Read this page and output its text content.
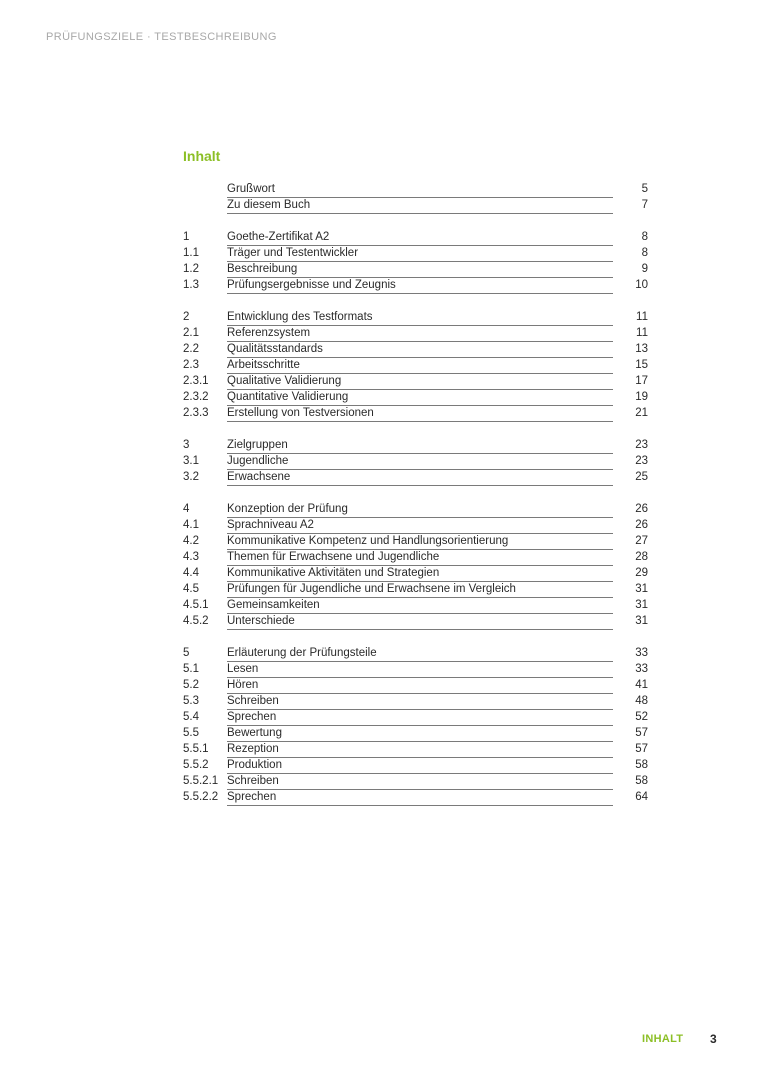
PRÜFUNGSZIELE · TESTBESCHREIBUNG
Inhalt
Grußwort	5
Zu diesem Buch	7
1	Goethe-Zertifikat A2	8
1.1 Träger und Testentwickler	8
1.2 Beschreibung	9
1.3 Prüfungsergebnisse und Zeugnis	10
2	Entwicklung des Testformats	11
2.1 Referenzsystem	11
2.2 Qualitätsstandards	13
2.3 Arbeitsschritte	15
2.3.1 Qualitative Validierung	17
2.3.2 Quantitative Validierung	19
2.3.3 Erstellung von Testversionen	21
3	Zielgruppen	23
3.1 Jugendliche	23
3.2 Erwachsene	25
4	Konzeption der Prüfung	26
4.1 Sprachniveau A2	26
4.2 Kommunikative Kompetenz und Handlungsorientierung	27
4.3 Themen für Erwachsene und Jugendliche	28
4.4 Kommunikative Aktivitäten und Strategien	29
4.5 Prüfungen für Jugendliche und Erwachsene im Vergleich	31
4.5.1 Gemeinsamkeiten	31
4.5.2 Unterschiede	31
5	Erläuterung der Prüfungsteile	33
5.1 Lesen	33
5.2 Hören	41
5.3 Schreiben	48
5.4 Sprechen	52
5.5 Bewertung	57
5.5.1 Rezeption	57
5.5.2 Produktion	58
5.5.2.1 Schreiben	58
5.5.2.2 Sprechen	64
INHALT 3
